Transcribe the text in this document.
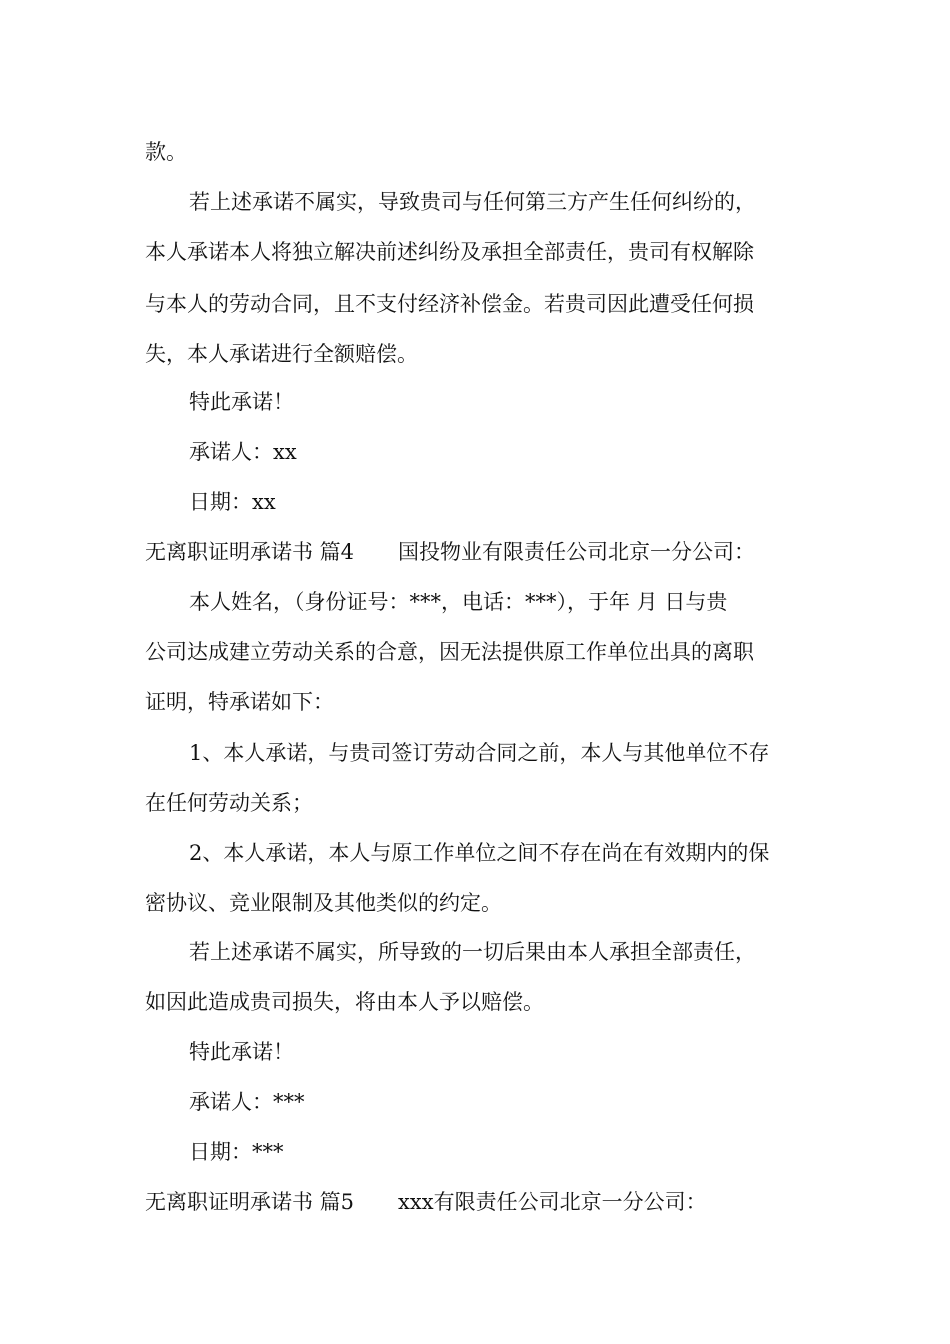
款。
若上述承诺不属实，导致贵司与任何第三方产生任何纠纷的，
本人承诺本人将独立解决前述纠纷及承担全部责任，贵司有权解除
与本人的劳动合同，且不支付经济补偿金。若贵司因此遭受任何损
失，本人承诺进行全额赔偿。
特此承诺！
承诺人：xx
日期：xx
无离职证明承诺书 篇4 国投物业有限责任公司北京一分公司：
本人姓名，（身份证号：***，电话：***），于年 月 日与贵
公司达成建立劳动关系的合意，因无法提供原工作单位出具的离职
证明，特承诺如下：
1、本人承诺，与贵司签订劳动合同之前，本人与其他单位不存
在任何劳动关系；
2、本人承诺，本人与原工作单位之间不存在尚在有效期内的保
密协议、竞业限制及其他类似的约定。
若上述承诺不属实，所导致的一切后果由本人承担全部责任，
如因此造成贵司损失，将由本人予以赔偿。
特此承诺！
承诺人：***
日期：***
无离职证明承诺书 篇5 xxx有限责任公司北京一分公司：
